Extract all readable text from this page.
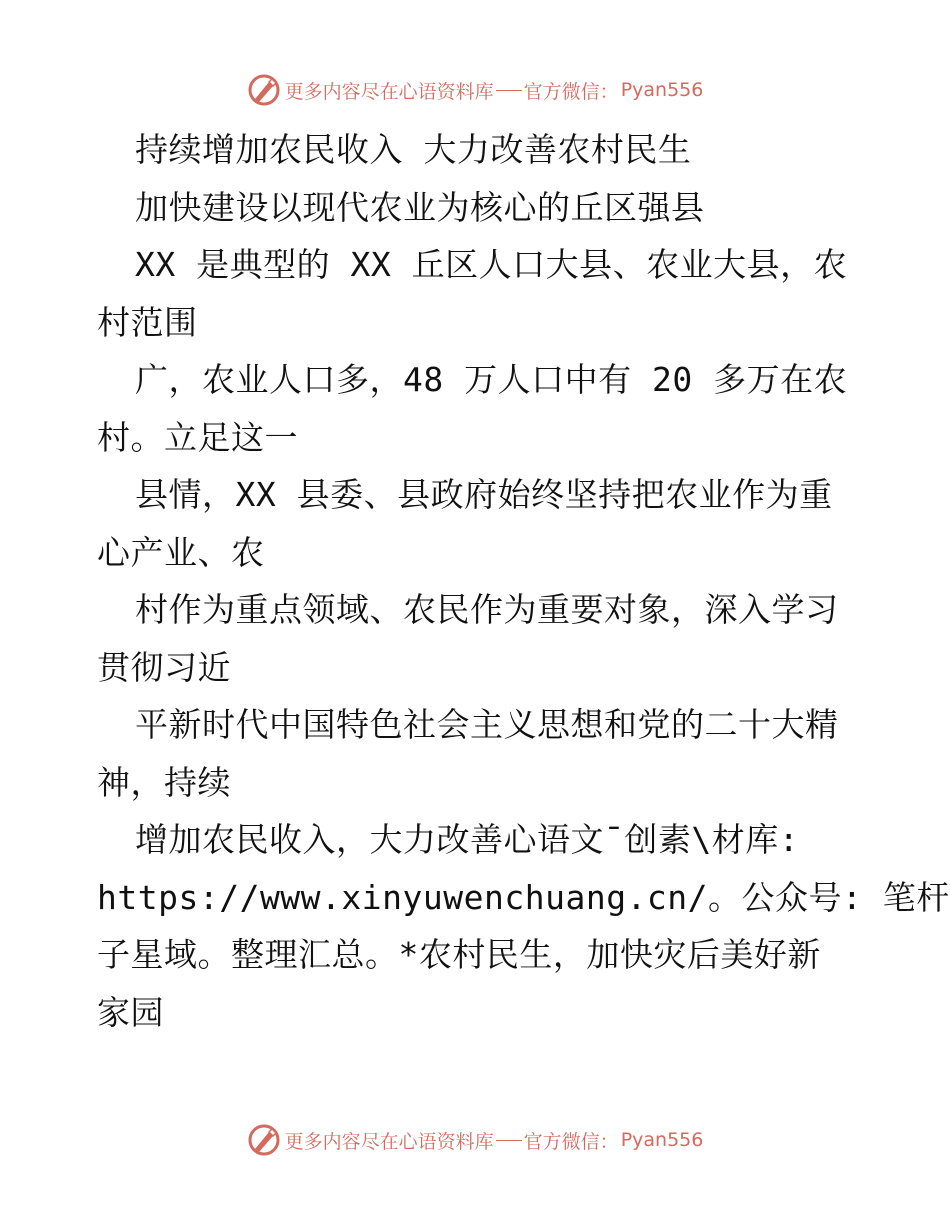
更多内容尽在心语资料库 官方微信： Pyan556
持续增加农民收入 大力改善农村民生
加快建设以现代农业为核心的丘区强县
XX 是典型的 XX 丘区人口大县、农业大县，农
村范围
广，农业人口多，48 万人口中有 20 多万在农
村。立足这一
县情，XX 县委、县政府始终坚持把农业作为重
心产业、农
村作为重点领域、农民作为重要对象，深入学习
贯彻习近
平新时代中国特色社会主义思想和党的二十大精
神，持续
增加农民收入，大力改善心语文¯创素\材库:
https://www.xinyuwenchuang.cn/。公众号: 笔杆
子星域。整理汇总。*农村民生，加快灾后美好新
家园
更多内容尽在心语资料库 官方微信： Pyan556
